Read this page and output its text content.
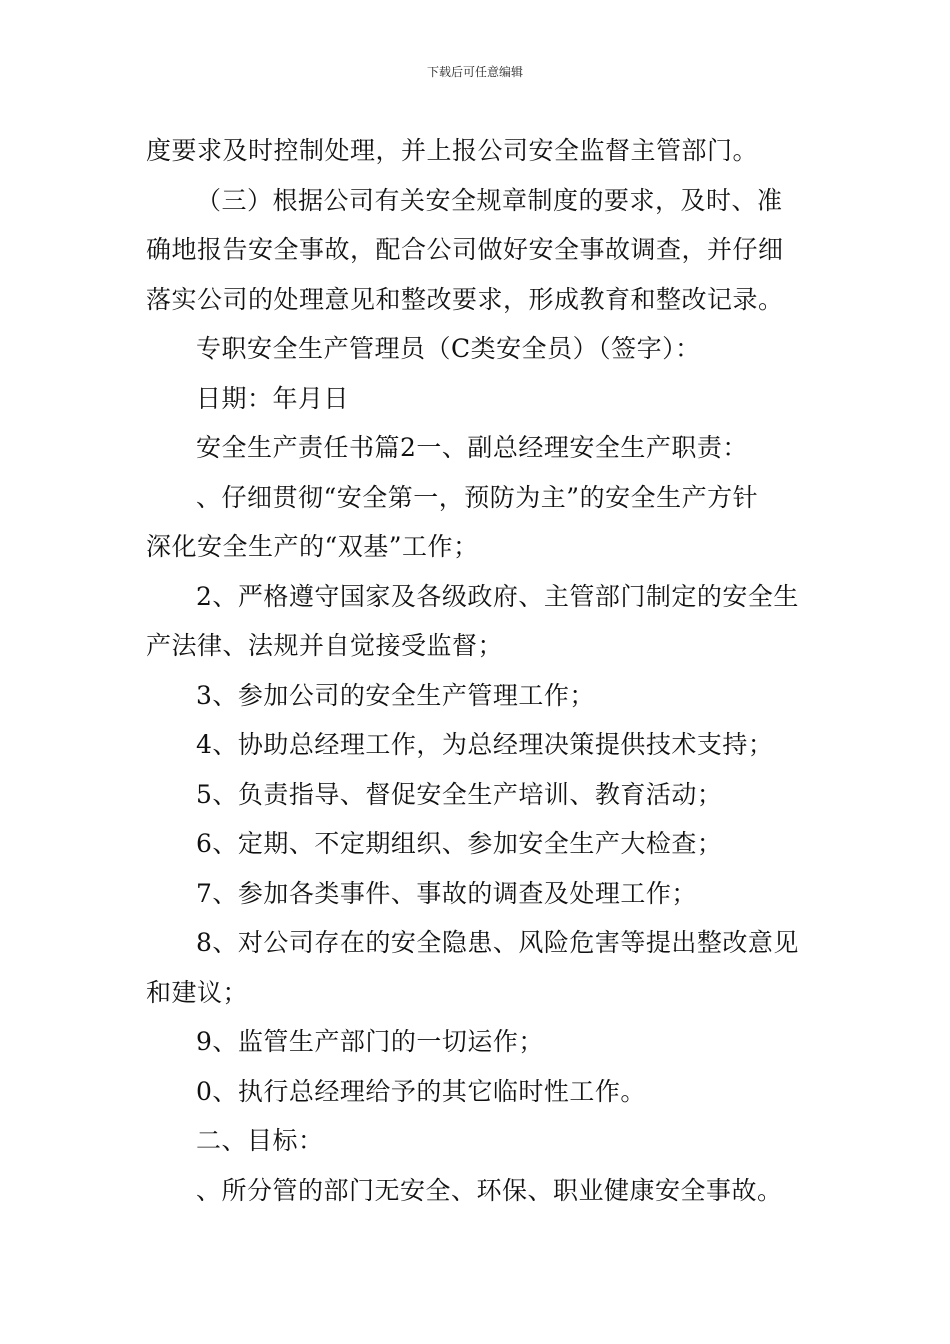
下载后可任意编辑

度要求及时控制处理，并上报公司安全监督主管部门。

（三）根据公司有关安全规章制度的要求，及时、准

确地报告安全事故，配合公司做好安全事故调查，并仔细

落实公司的处理意见和整改要求，形成教育和整改记录。

专职安全生产管理员（C类安全员）（签字）：

日期：年月日

安全生产责任书篇2一、副总经理安全生产职责：

、仔细贯彻“安全第一，预防为主”的安全生产方针

深化安全生产的“双基”工作；

2、严格遵守国家及各级政府、主管部门制定的安全生

产法律、法规并自觉接受监督；

3、参加公司的安全生产管理工作；

4、协助总经理工作，为总经理决策提供技术支持；

5、负责指导、督促安全生产培训、教育活动；

6、定期、不定期组织、参加安全生产大检查；

7、参加各类事件、事故的调查及处理工作；

8、对公司存在的安全隐患、风险危害等提出整改意见

和建议；

9、监管生产部门的一切运作；

0、执行总经理给予的其它临时性工作。

二、目标：

、所分管的部门无安全、环保、职业健康安全事故。
